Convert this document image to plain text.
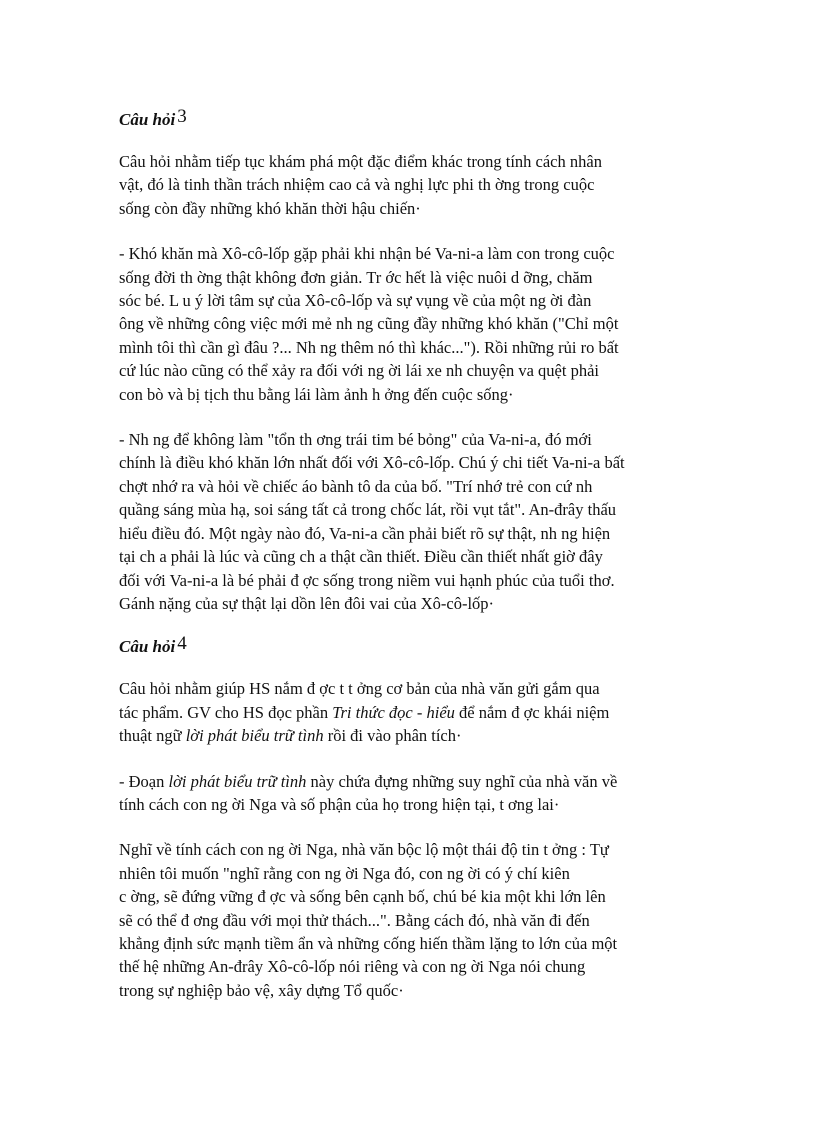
Câu hỏi 3

Câu hỏi nhằm tiếp tục khám phá một đặc điểm khác trong tính cách nhân
vật, đó là tinh thần trách nhiệm cao cả và nghị lực phi th ờng trong cuộc
sống còn đầy những khó khăn thời hậu chiến·

- Khó khăn mà Xô-cô-lốp gặp phải khi nhận bé Va-ni-a làm con trong cuộc
sống đời th ờng thật không đơn giản. Tr ớc hết là việc nuôi d ỡng, chăm
sóc bé. L u ý lời tâm sự của Xô-cô-lốp và sự vụng về của một ng ời đàn
ông về những công việc mới mẻ nh ng cũng đầy những khó khăn ("Chỉ một
mình tôi thì cần gì đâu ?... Nh ng thêm nó thì khác..."). Rồi những rủi ro bất
cứ lúc nào cũng có thể xảy ra đối với ng ời lái xe nh chuyện va quệt phải
con bò và bị tịch thu bằng lái làm ảnh h ởng đến cuộc sống·

- Nh ng để không làm "tổn th ơng trái tim bé bỏng" của Va-ni-a, đó mới
chính là điều khó khăn lớn nhất đối với Xô-cô-lốp. Chú ý chi tiết Va-ni-a bất
chợt nhớ ra và hỏi về chiếc áo bành tô da của bố. "Trí nhớ trẻ con cứ nh
quầng sáng mùa hạ, soi sáng tất cả trong chốc lát, rồi vụt tắt". An-đrây thấu
hiểu điều đó. Một ngày nào đó, Va-ni-a cần phải biết rõ sự thật, nh ng hiện
tại ch a phải là lúc và cũng ch a thật cần thiết. Điều cần thiết nhất giờ đây
đối với Va-ni-a là bé phải đ ợc sống trong niềm vui hạnh phúc của tuổi thơ.
Gánh nặng của sự thật lại dồn lên đôi vai của Xô-cô-lốp·

Câu hỏi 4

Câu hỏi nhằm giúp HS nắm đ ợc t t ởng cơ bản của nhà văn gửi gắm qua
tác phẩm. GV cho HS đọc phần Tri thức đọc - hiểu để nắm đ ợc khái niệm
thuật ngữ lời phát biểu trữ tình rồi đi vào phân tích·

- Đoạn lời phát biểu trữ tình này chứa đựng những suy nghĩ của nhà văn về
tính cách con ng ời Nga và số phận của họ trong hiện tại, t ơng lai·

Nghĩ về tính cách con ng ời Nga, nhà văn bộc lộ một thái độ tin t ởng : Tự
nhiên tôi muốn "nghĩ rằng con ng ời Nga đó, con ng ời có ý chí kiên
c ờng, sẽ đứng vững đ ợc và sống bên cạnh bố, chú bé kia một khi lớn lên
sẽ có thể đ ơng đầu với mọi thử thách...". Bằng cách đó, nhà văn đi đến
khẳng định sức mạnh tiềm ẩn và những cống hiến thầm lặng to lớn của một
thế hệ những An-đrây Xô-cô-lốp nói riêng và con ng ời Nga nói chung
trong sự nghiệp bảo vệ, xây dựng Tổ quốc·
